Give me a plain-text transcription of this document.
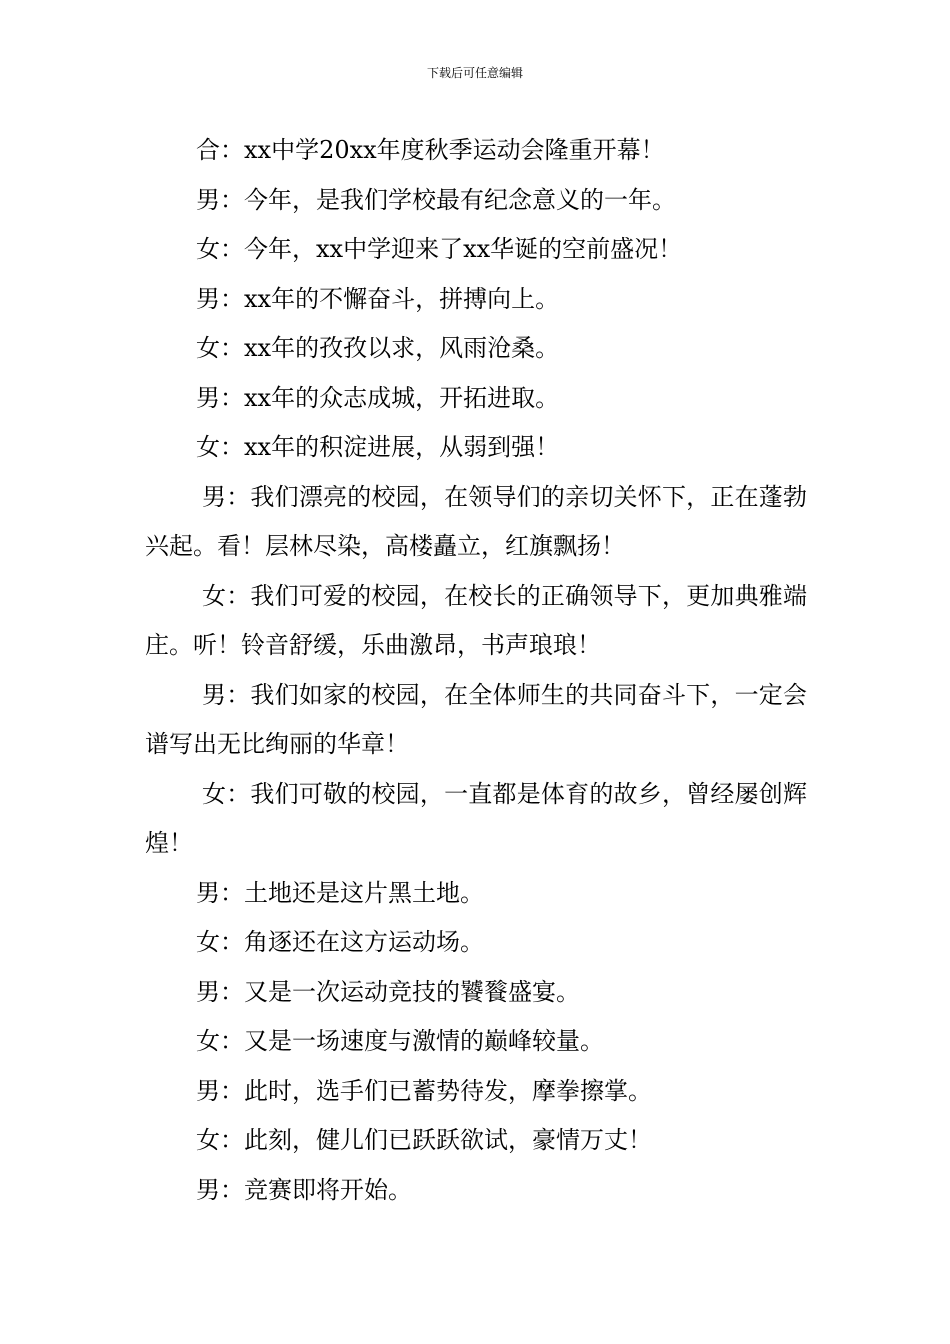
下载后可任意编辑

合：xx中学20xx年度秋季运动会隆重开幕！

男：今年，是我们学校最有纪念意义的一年。

女：今年，xx中学迎来了xx华诞的空前盛况！

男：xx年的不懈奋斗，拼搏向上。

女：xx年的孜孜以求，风雨沧桑。

男：xx年的众志成城，开拓进取。

女：xx年的积淀进展，从弱到强！

男：我们漂亮的校园，在领导们的亲切关怀下，正在蓬勃兴起。看！层林尽染，高楼矗立，红旗飘扬！

女：我们可爱的校园，在校长的正确领导下，更加典雅端庄。听！铃音舒缓，乐曲激昂，书声琅琅！

男：我们如家的校园，在全体师生的共同奋斗下，一定会谱写出无比绚丽的华章！

女：我们可敬的校园，一直都是体育的故乡，曾经屡创辉煌！

男：土地还是这片黑土地。

女：角逐还在这方运动场。

男：又是一次运动竞技的饕餮盛宴。

女：又是一场速度与激情的巅峰较量。

男：此时，选手们已蓄势待发，摩拳擦掌。

女：此刻，健儿们已跃跃欲试，豪情万丈！

男：竞赛即将开始。
